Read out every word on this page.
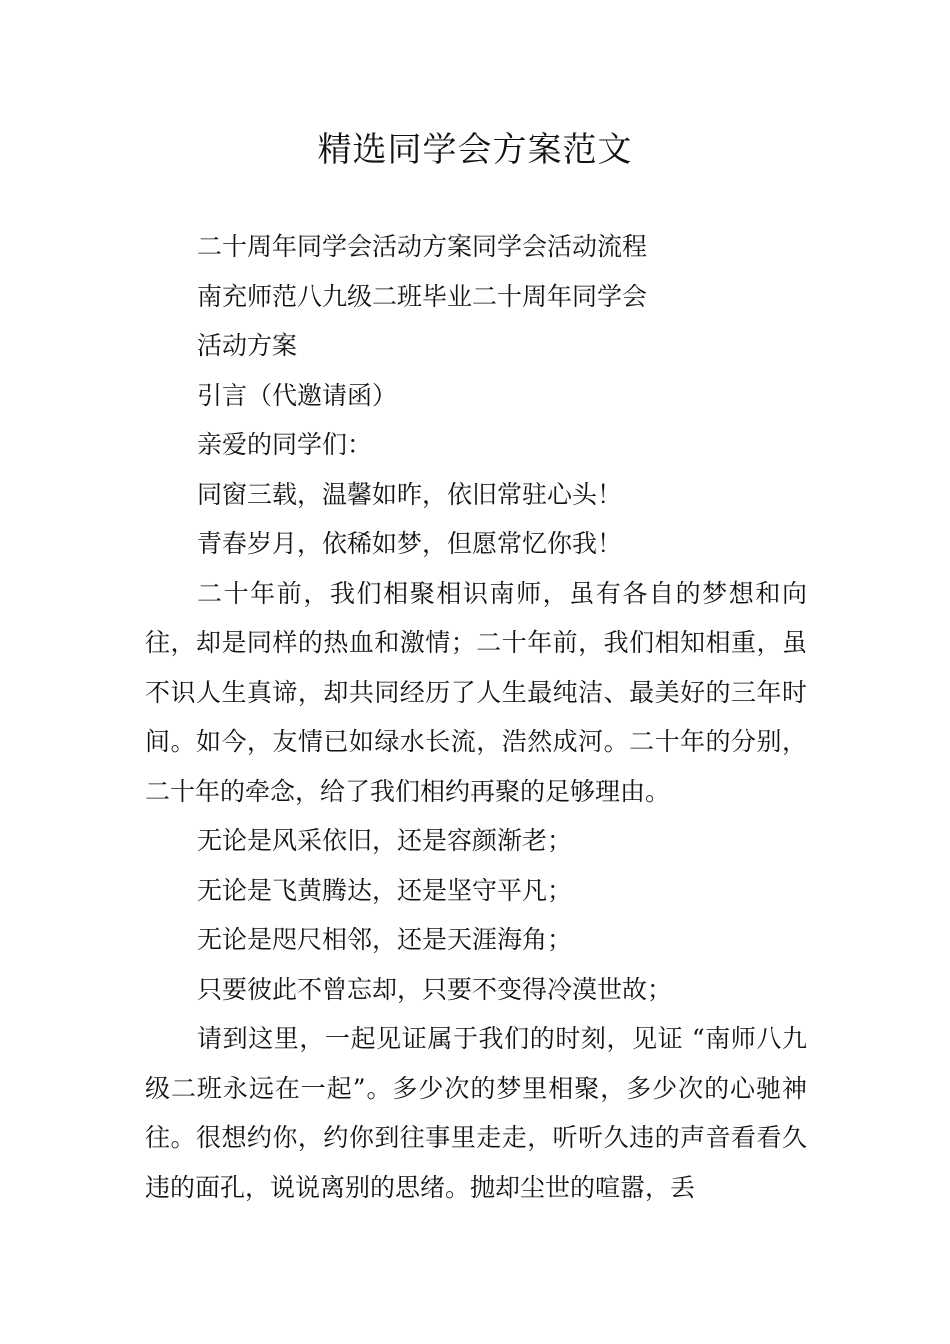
精选同学会方案范文

二十周年同学会活动方案同学会活动流程

南充师范八九级二班毕业二十周年同学会

活动方案

引言（代邀请函）

亲爱的同学们：

同窗三载，温馨如昨，依旧常驻心头！

青春岁月，依稀如梦，但愿常忆你我！

二十年前，我们相聚相识南师，虽有各自的梦想和向往，却是同样的热血和激情；二十年前，我们相知相重，虽不识人生真谛，却共同经历了人生最纯洁、最美好的三年时间。如今，友情已如绿水长流，浩然成河。二十年的分别，二十年的牵念，给了我们相约再聚的足够理由。

无论是风采依旧，还是容颜渐老；

无论是飞黄腾达，还是坚守平凡；

无论是咫尺相邻，还是天涯海角；

只要彼此不曾忘却，只要不变得冷漠世故；

请到这里，一起见证属于我们的时刻，见证 “南师八九级二班永远在一起”。多少次的梦里相聚，多少次的心驰神往。很想约你，约你到往事里走走，听听久违的声音看看久违的面孔，说说离别的思绪。抛却尘世的喧嚣，丢
